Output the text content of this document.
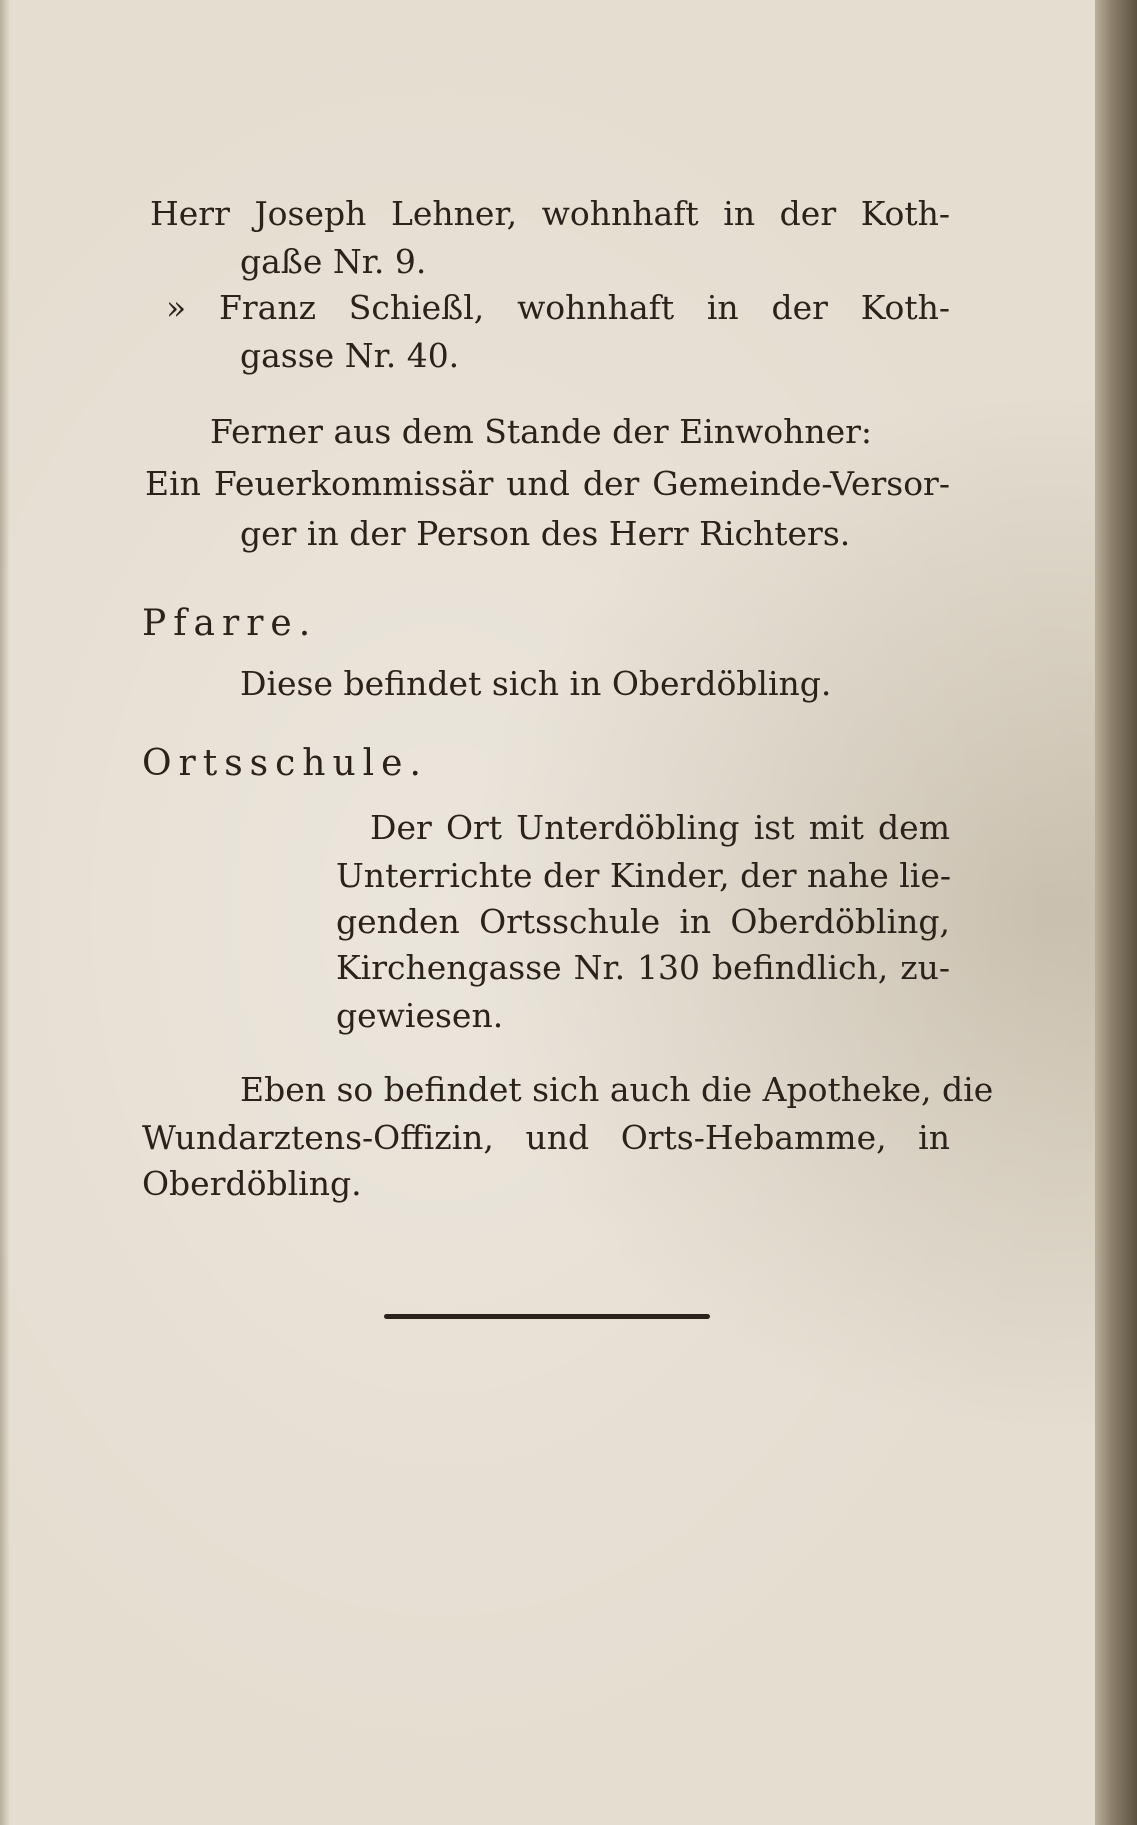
Herr Joseph Lehner, wohnhaft in der Koth-
gaße Nr. 9.
» Franz Schießl, wohnhaft in der Koth-
gasse Nr. 40.
Ferner aus dem Stande der Einwohner:
Ein Feuerkommissär und der Gemeinde-Versor-
ger in der Person des Herr Richters.
Pfarre.
Diese befindet sich in Oberdöbling.
Ortsschule.
Der Ort Unterdöbling ist mit dem
Unterrichte der Kinder, der nahe lie-
genden Ortsschule in Oberdöbling,
Kirchengasse Nr. 130 befindlich, zu-
gewiesen.
Eben so befindet sich auch die Apotheke, die
Wundarztens-Offizin, und Orts-Hebamme, in
Oberdöbling.
